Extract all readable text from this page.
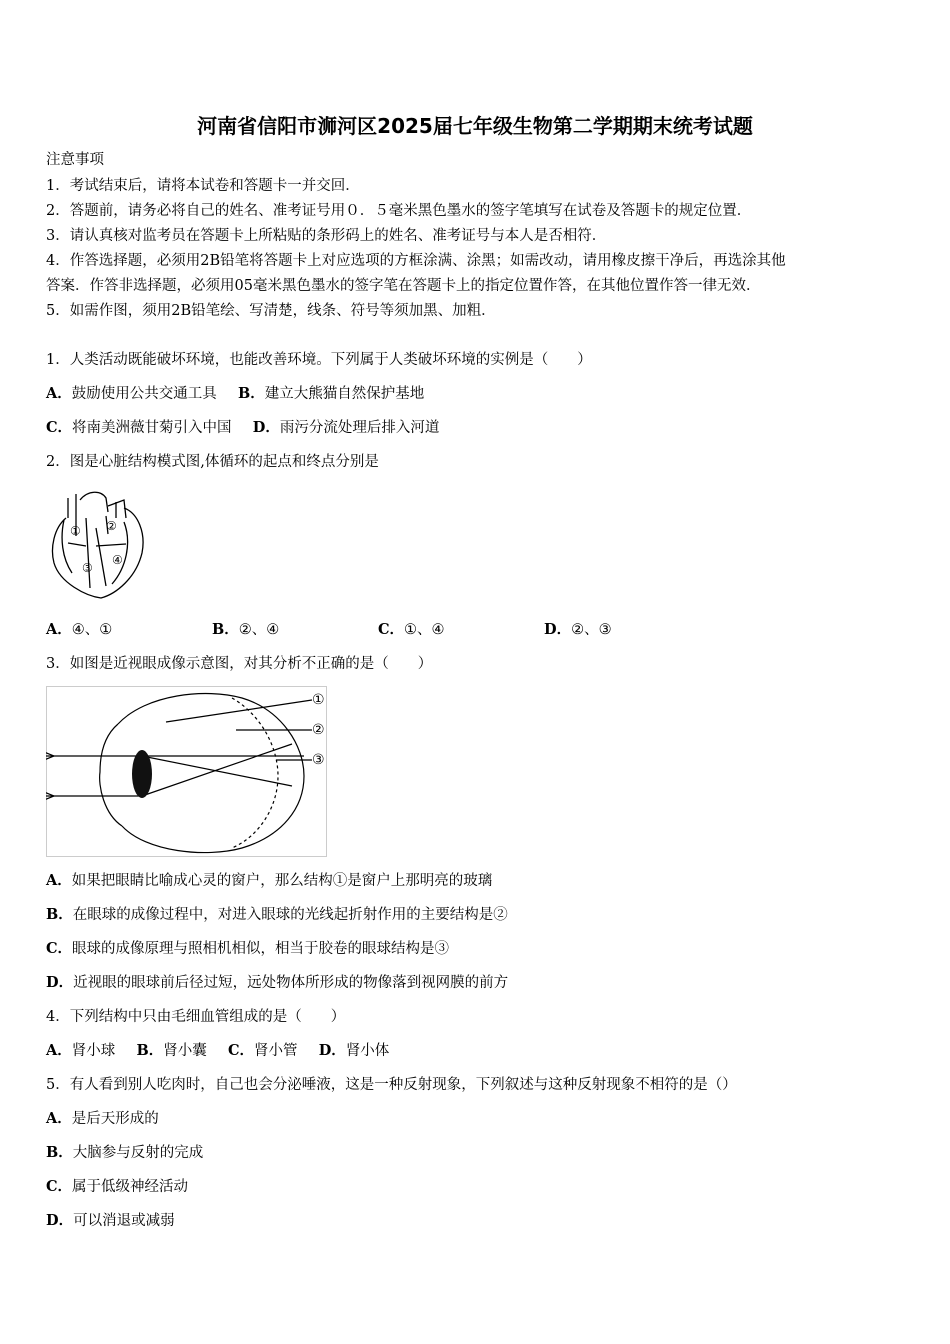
河南省信阳市浉河区2025届七年级生物第二学期期末统考试题
注意事项
1．考试结束后，请将本试卷和答题卡一并交回．
2．答题前，请务必将自己的姓名、准考证号用０．５毫米黑色墨水的签字笔填写在试卷及答题卡的规定位置．
3．请认真核对监考员在答题卡上所粘贴的条形码上的姓名、准考证号与本人是否相符．
4．作答选择题，必须用2B铅笔将答题卡上对应选项的方框涂满、涂黑；如需改动，请用橡皮擦干净后，再选涂其他
答案．作答非选择题，必须用05毫米黑色墨水的签字笔在答题卡上的指定位置作答，在其他位置作答一律无效．
5．如需作图，须用2B铅笔绘、写清楚，线条、符号等须加黑、加粗．
1．人类活动既能破坏环境，也能改善环境。下列属于人类破坏环境的实例是（　　）
A．鼓励使用公共交通工具 B．建立大熊猫自然保护基地
C．将南美洲薇甘菊引入中国 D．雨污分流处理后排入河道
2．图是心脏结构模式图,体循环的起点和终点分别是
① ②
③
④
A．④、①	B．②、④	C．①、④	D．②、③
3．如图是近视眼成像示意图，对其分析不正确的是（　　）
①
②
③
A．如果把眼睛比喻成心灵的窗户，那么结构①是窗户上那明亮的玻璃
B．在眼球的成像过程中，对进入眼球的光线起折射作用的主要结构是②
C．眼球的成像原理与照相机相似，相当于胶卷的眼球结构是③
D．近视眼的眼球前后径过短，远处物体所形成的物像落到视网膜的前方
4．下列结构中只由毛细血管组成的是（　　）
A．肾小球 B．肾小囊 C．肾小管 D．肾小体
5．有人看到别人吃肉时，自己也会分泌唾液，这是一种反射现象，下列叙述与这种反射现象不相符的是（）
A．是后天形成的
B．大脑参与反射的完成
C．属于低级神经活动
D．可以消退或减弱
